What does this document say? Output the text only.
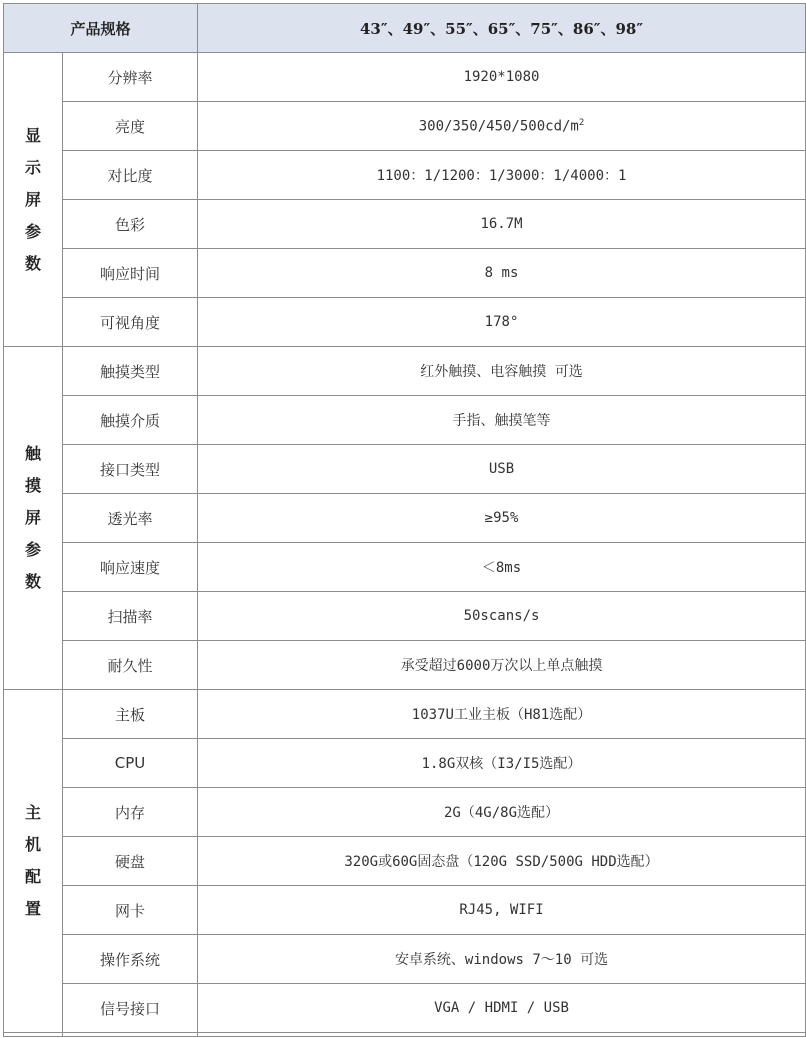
产品规格		43″、49″、55″、65″、75″、86″、98″
显示屏参数	分辨率	1920*1080
	亮度	$300/350/450/500cd/m^2$
	对比度	1100：1/1200：1/3000：1/4000：1
	色彩	16.7M
	响应时间	8 ms
	可视角度	178°
触摸屏参数	触摸类型	红外触摸、电容触摸 可选
	触摸介质	手指、触摸笔等
	接口类型	USB
	透光率	≥95%
	响应速度	＜8ms
	扫描率	50scans/s
	耐久性	承受超过6000万次以上单点触摸
主机配置	主板	1037U工业主板（H81选配）
	CPU	1.8G双核（I3/I5选配）
	内存	2G（4G/8G选配）
	硬盘	320G或60G固态盘（120G SSD/500G HDD选配）
	网卡	RJ45, WIFI
	操作系统	安卓系统、windows 7～10 可选
	信号接口	VGA / HDMI / USB
